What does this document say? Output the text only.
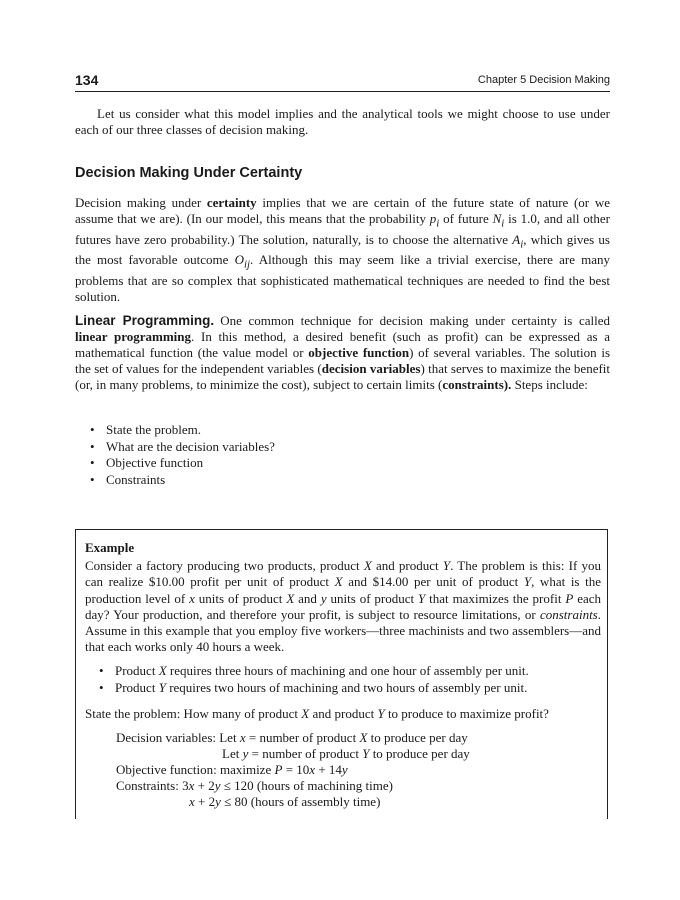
134	Chapter 5 Decision Making
Let us consider what this model implies and the analytical tools we might choose to use under each of our three classes of decision making.
Decision Making Under Certainty
Decision making under certainty implies that we are certain of the future state of nature (or we assume that we are). (In our model, this means that the probability $p_i$ of future $N_i$ is 1.0, and all other futures have zero probability.) The solution, naturally, is to choose the alternative $A_i$, which gives us the most favorable outcome $O_{ij}$. Although this may seem like a trivial exercise, there are many problems that are so complex that sophisticated mathematical techniques are needed to find the best solution.
Linear Programming. One common technique for decision making under certainty is called linear programming. In this method, a desired benefit (such as profit) can be expressed as a mathematical function (the value model or objective function) of several variables. The solution is the set of values for the independent variables (decision variables) that serves to maximize the benefit (or, in many problems, to minimize the cost), subject to certain limits (constraints). Steps include:
• State the problem.
• What are the decision variables?
• Objective function
• Constraints
Example
Consider a factory producing two products, product X and product Y. The problem is this: If you can realize $10.00 profit per unit of product X and $14.00 per unit of product Y, what is the production level of x units of product X and y units of product Y that maximizes the profit P each day? Your production, and therefore your profit, is subject to resource limitations, or constraints. Assume in this example that you employ five workers—three machinists and two assemblers—and that each works only 40 hours a week.
• Product X requires three hours of machining and one hour of assembly per unit.
• Product Y requires two hours of machining and two hours of assembly per unit.
State the problem: How many of product X and product Y to produce to maximize profit?
Decision variables: Let x = number of product X to produce per day
Let y = number of product Y to produce per day
Objective function: maximize P = 10x + 14y
Constraints: 3x + 2y ≤ 120 (hours of machining time)
x + 2y ≤ 80 (hours of assembly time)
